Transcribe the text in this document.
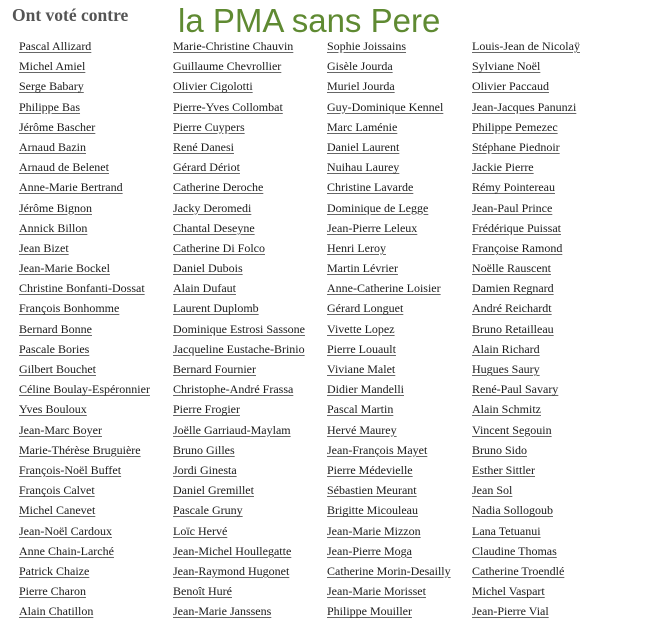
Ont voté contre la PMA sans Pere
Pascal Allizard
Michel Amiel
Serge Babary
Philippe Bas
Jérôme Bascher
Arnaud Bazin
Arnaud de Belenet
Anne-Marie Bertrand
Jérôme Bignon
Annick Billon
Jean Bizet
Jean-Marie Bockel
Christine Bonfanti-Dossat
François Bonhomme
Bernard Bonne
Pascale Bories
Gilbert Bouchet
Céline Boulay-Espéronnier
Yves Bouloux
Jean-Marc Boyer
Marie-Thérèse Bruguière
François-Noël Buffet
François Calvet
Michel Canevet
Jean-Noël Cardoux
Anne Chain-Larché
Patrick Chaize
Pierre Charon
Alain Chatillon
Marie-Christine Chauvin
Guillaume Chevrollier
Olivier Cigolotti
Pierre-Yves Collombat
Pierre Cuypers
René Danesi
Gérard Dériot
Catherine Deroche
Jacky Deromedi
Chantal Deseyne
Catherine Di Folco
Daniel Dubois
Alain Dufaut
Laurent Duplomb
Dominique Estrosi Sassone
Jacqueline Eustache-Brinio
Bernard Fournier
Christophe-André Frassa
Pierre Frogier
Joëlle Garriaud-Maylam
Bruno Gilles
Jordi Ginesta
Daniel Gremillet
Pascale Gruny
Loïc Hervé
Jean-Michel Houllegatte
Jean-Raymond Hugonet
Benoît Huré
Jean-Marie Janssens
Sophie Joissains
Gisèle Jourda
Muriel Jourda
Guy-Dominique Kennel
Marc Laménie
Daniel Laurent
Nuihau Laurey
Christine Lavarde
Dominique de Legge
Jean-Pierre Leleux
Henri Leroy
Martin Lévrier
Anne-Catherine Loisier
Gérard Longuet
Vivette Lopez
Pierre Louault
Viviane Malet
Didier Mandelli
Pascal Martin
Hervé Maurey
Jean-François Mayet
Pierre Médevielle
Sébastien Meurant
Brigitte Micouleau
Jean-Marie Mizzon
Jean-Pierre Moga
Catherine Morin-Desailly
Jean-Marie Morisset
Philippe Mouiller
Louis-Jean de Nicolaÿ
Sylviane Noël
Olivier Paccaud
Jean-Jacques Panunzi
Philippe Pemezec
Stéphane Piednoir
Jackie Pierre
Rémy Pointereau
Jean-Paul Prince
Frédérique Puissat
Françoise Ramond
Noëlle Rauscent
Damien Regnard
André Reichardt
Bruno Retailleau
Alain Richard
Hugues Saury
René-Paul Savary
Alain Schmitz
Vincent Segouin
Bruno Sido
Esther Sittler
Jean Sol
Nadia Sollogoub
Lana Tetuanui
Claudine Thomas
Catherine Troendlé
Michel Vaspart
Jean-Pierre Vial
